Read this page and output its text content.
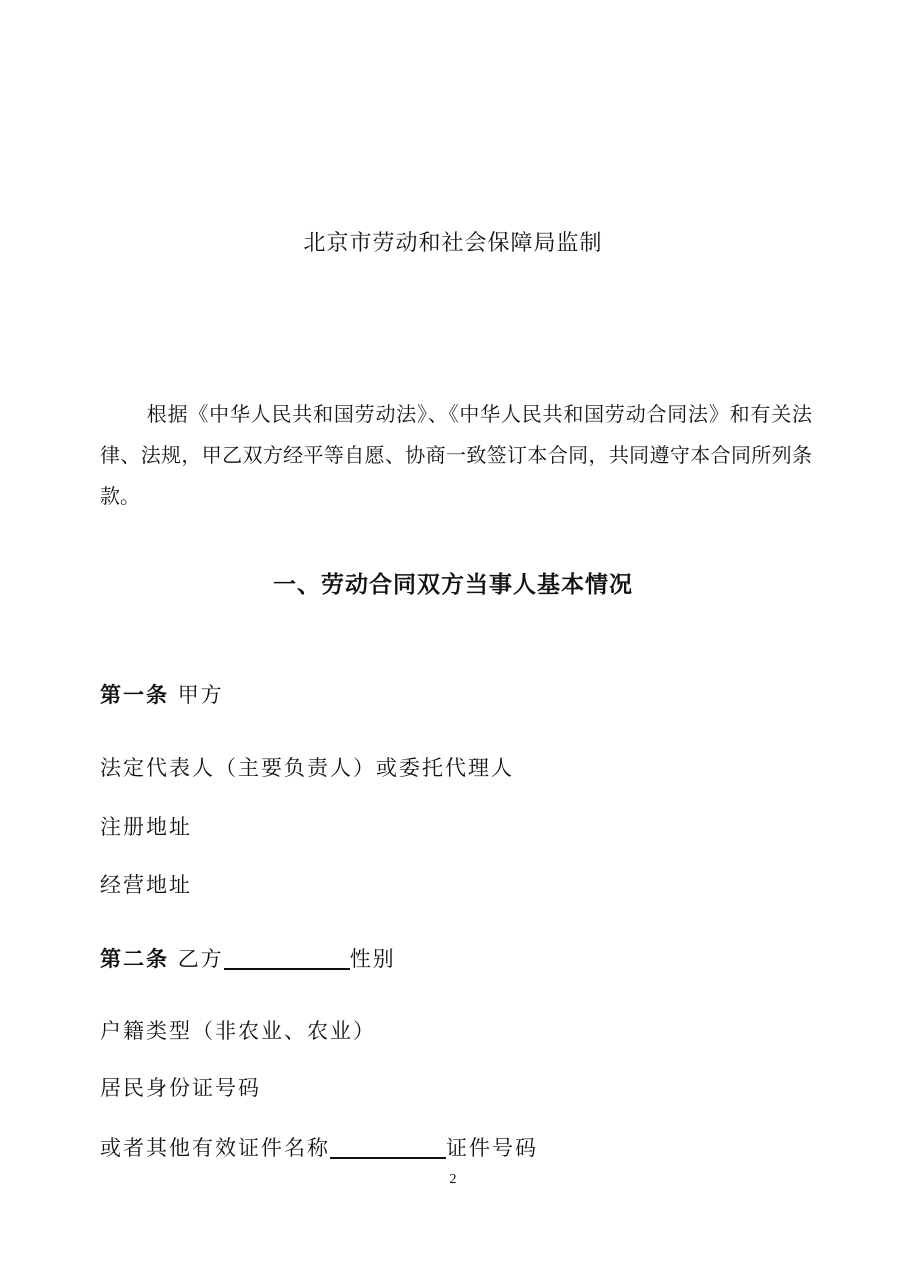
北京市劳动和社会保障局监制
根据《中华人民共和国劳动法》、《中华人民共和国劳动合同法》和有关法律、法规，甲乙双方经平等自愿、协商一致签订本合同，共同遵守本合同所列条款。
一、劳动合同双方当事人基本情况
第一条 甲方
法定代表人（主要负责人）或委托代理人
注册地址
经营地址
第二条 乙方	性别
户籍类型（非农业、农业）
居民身份证号码
或者其他有效证件名称	证件号码
2
